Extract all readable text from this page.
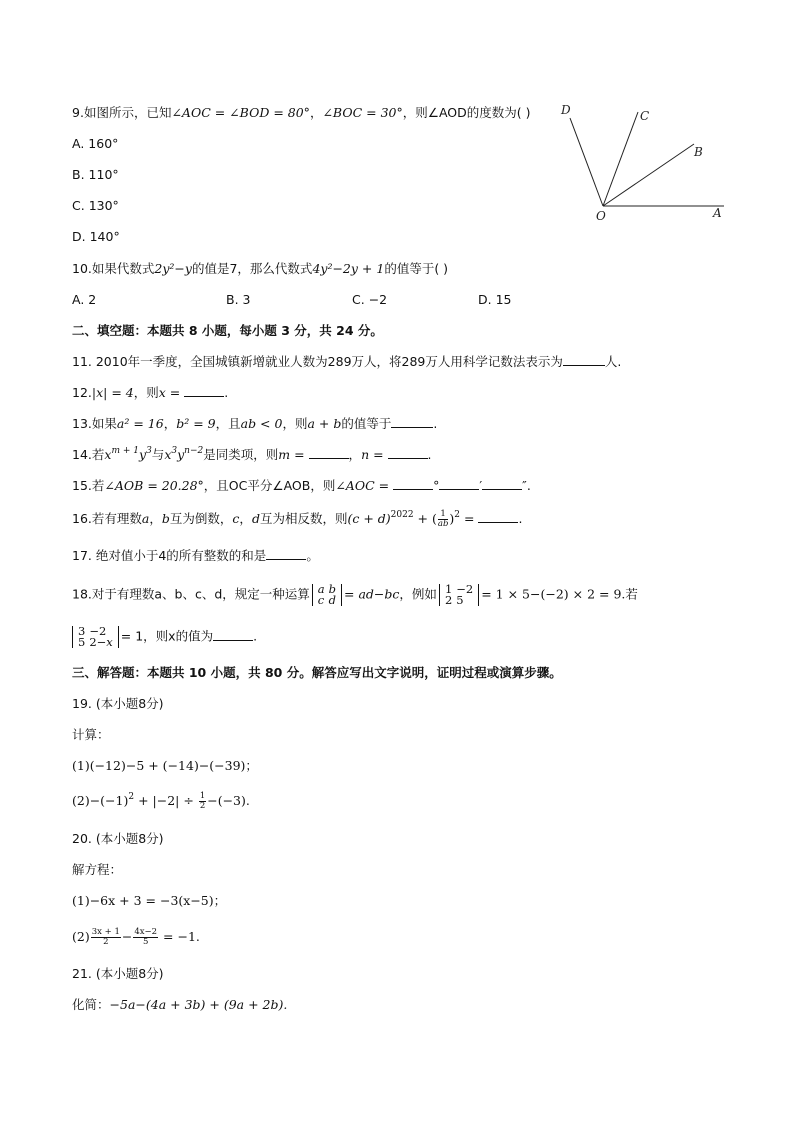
9.如图所示，已知∠AOC = ∠BOD = 80°，∠BOC = 30°，则∠AOD的度数为( )
A. 160°
B. 110°
C. 130°
D. 140°
D	C
B
O	A
10.如果代数式2y²−y的值是7，那么代数式4y²−2y + 1的值等于( )
A. 2	B. 3	C. −2	D. 15
二、填空题：本题共 8 小题，每小题 3 分，共 24 分。
11. 2010年一季度，全国城镇新增就业人数为289万人，将289万人用科学记数法表示为	人.
12.|x| = 4，则x =	.
13.如果a² = 16，b² = 9，且ab < 0，则a + b的值等于	.
14.若$x^{m + 1}y^3$与$x^3y^{n-2}$是同类项，则m =	，n =	.
15.若∠AOB = 20.28°，且OC平分∠AOB，则∠AOC =	°	′	″.
16.若有理数a，b互为倒数，c，d互为相反数，则$(c + d)^{2022}$ + ( $\frac{1}{ab} )^2$ =	.
17. 绝对值小于4的所有整数的和是	。
18.对于有理数a、b、c、d，规定一种运算 a	b
c	d = ad−bc，例如 1	−2
2	5 = 1 × 5−(−2) × 2 = 9.若
3	−2
5	2−x = 1，则x的值为	.
三、解答题：本题共 10 小题，共 80 分。解答应写出文字说明，证明过程或演算步骤。
19. (本小题8分)
计算：
(1)(−12)−5 + (−14)−(−39)；
$(2)-(-1)^2 + |-2| \div \frac{1}{2} -(-3)$.
20. (本小题8分)
解方程：
(1)−6x + 3 = −3(x−5)；
$(2) \frac{3x + 1}{2} - \frac{4x-2}{5} = -1$.
21. (本小题8分)
化简：−5a−(4a + 3b) + (9a + 2b).
